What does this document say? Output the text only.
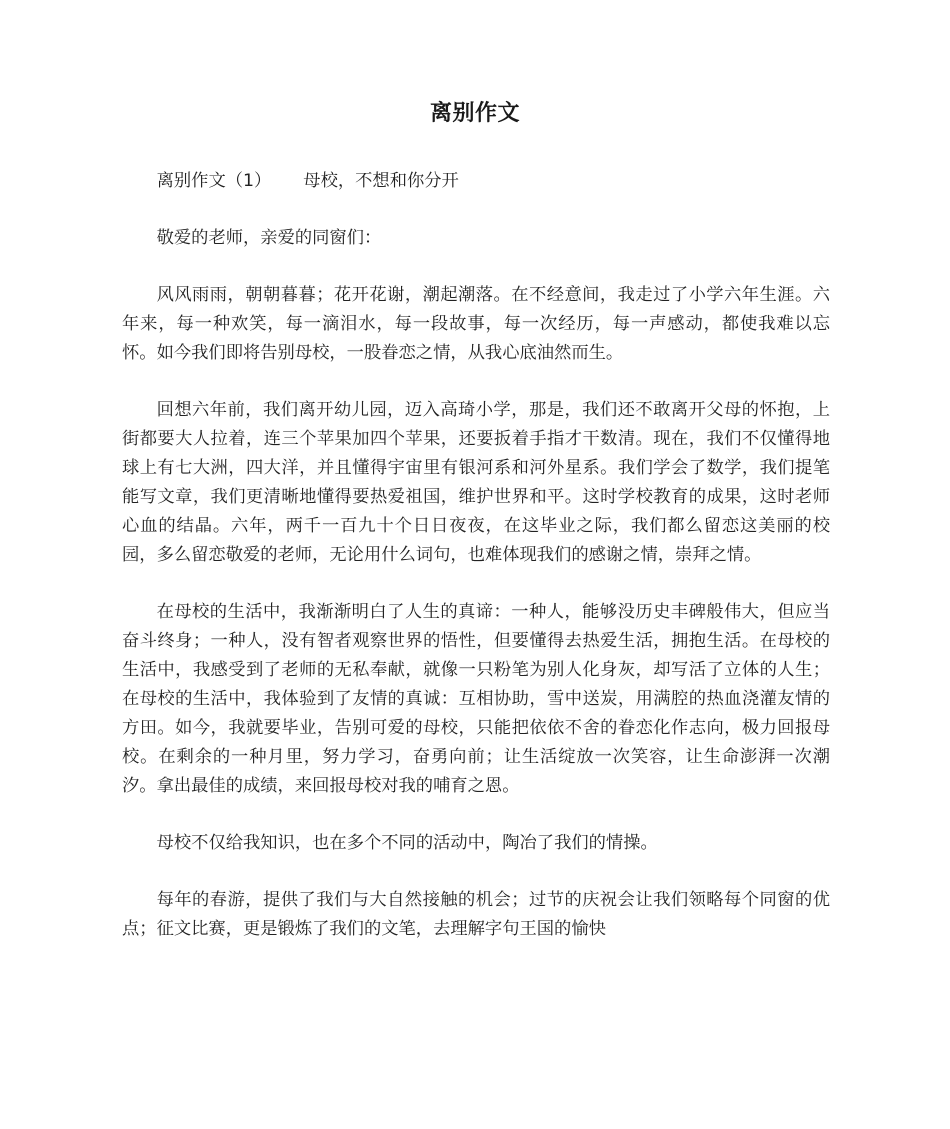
离别作文

离别作文（1） 母校，不想和你分开

敬爱的老师，亲爱的同窗们：

风风雨雨，朝朝暮暮；花开花谢，潮起潮落。在不经意间，我走过了小学六年生涯。六年来，每一种欢笑，每一滴泪水，每一段故事，每一次经历，每一声感动，都使我难以忘怀。如今我们即将告别母校，一股眷恋之情，从我心底油然而生。

回想六年前，我们离开幼儿园，迈入高琦小学，那是，我们还不敢离开父母的怀抱，上街都要大人拉着，连三个苹果加四个苹果，还要扳着手指才干数清。现在，我们不仅懂得地球上有七大洲，四大洋，并且懂得宇宙里有银河系和河外星系。我们学会了数学，我们提笔能写文章，我们更清晰地懂得要热爱祖国，维护世界和平。这时学校教育的成果，这时老师心血的结晶。六年，两千一百九十个日日夜夜，在这毕业之际，我们都么留恋这美丽的校园，多么留恋敬爱的老师，无论用什么词句，也难体现我们的感谢之情，崇拜之情。

在母校的生活中，我渐渐明白了人生的真谛：一种人，能够没历史丰碑般伟大，但应当奋斗终身；一种人，没有智者观察世界的悟性，但要懂得去热爱生活，拥抱生活。在母校的生活中，我感受到了老师的无私奉献，就像一只粉笔为别人化身灰，却写活了立体的人生；在母校的生活中，我体验到了友情的真诚：互相协助，雪中送炭，用满腔的热血浇灌友情的方田。如今，我就要毕业，告别可爱的母校，只能把依依不舍的眷恋化作志向，极力回报母校。在剩余的一种月里，努力学习，奋勇向前；让生活绽放一次笑容，让生命澎湃一次潮汐。拿出最佳的成绩，来回报母校对我的哺育之恩。

母校不仅给我知识，也在多个不同的活动中，陶冶了我们的情操。

每年的春游，提供了我们与大自然接触的机会；过节的庆祝会让我们领略每个同窗的优点；征文比赛，更是锻炼了我们的文笔，去理解字句王国的愉快
